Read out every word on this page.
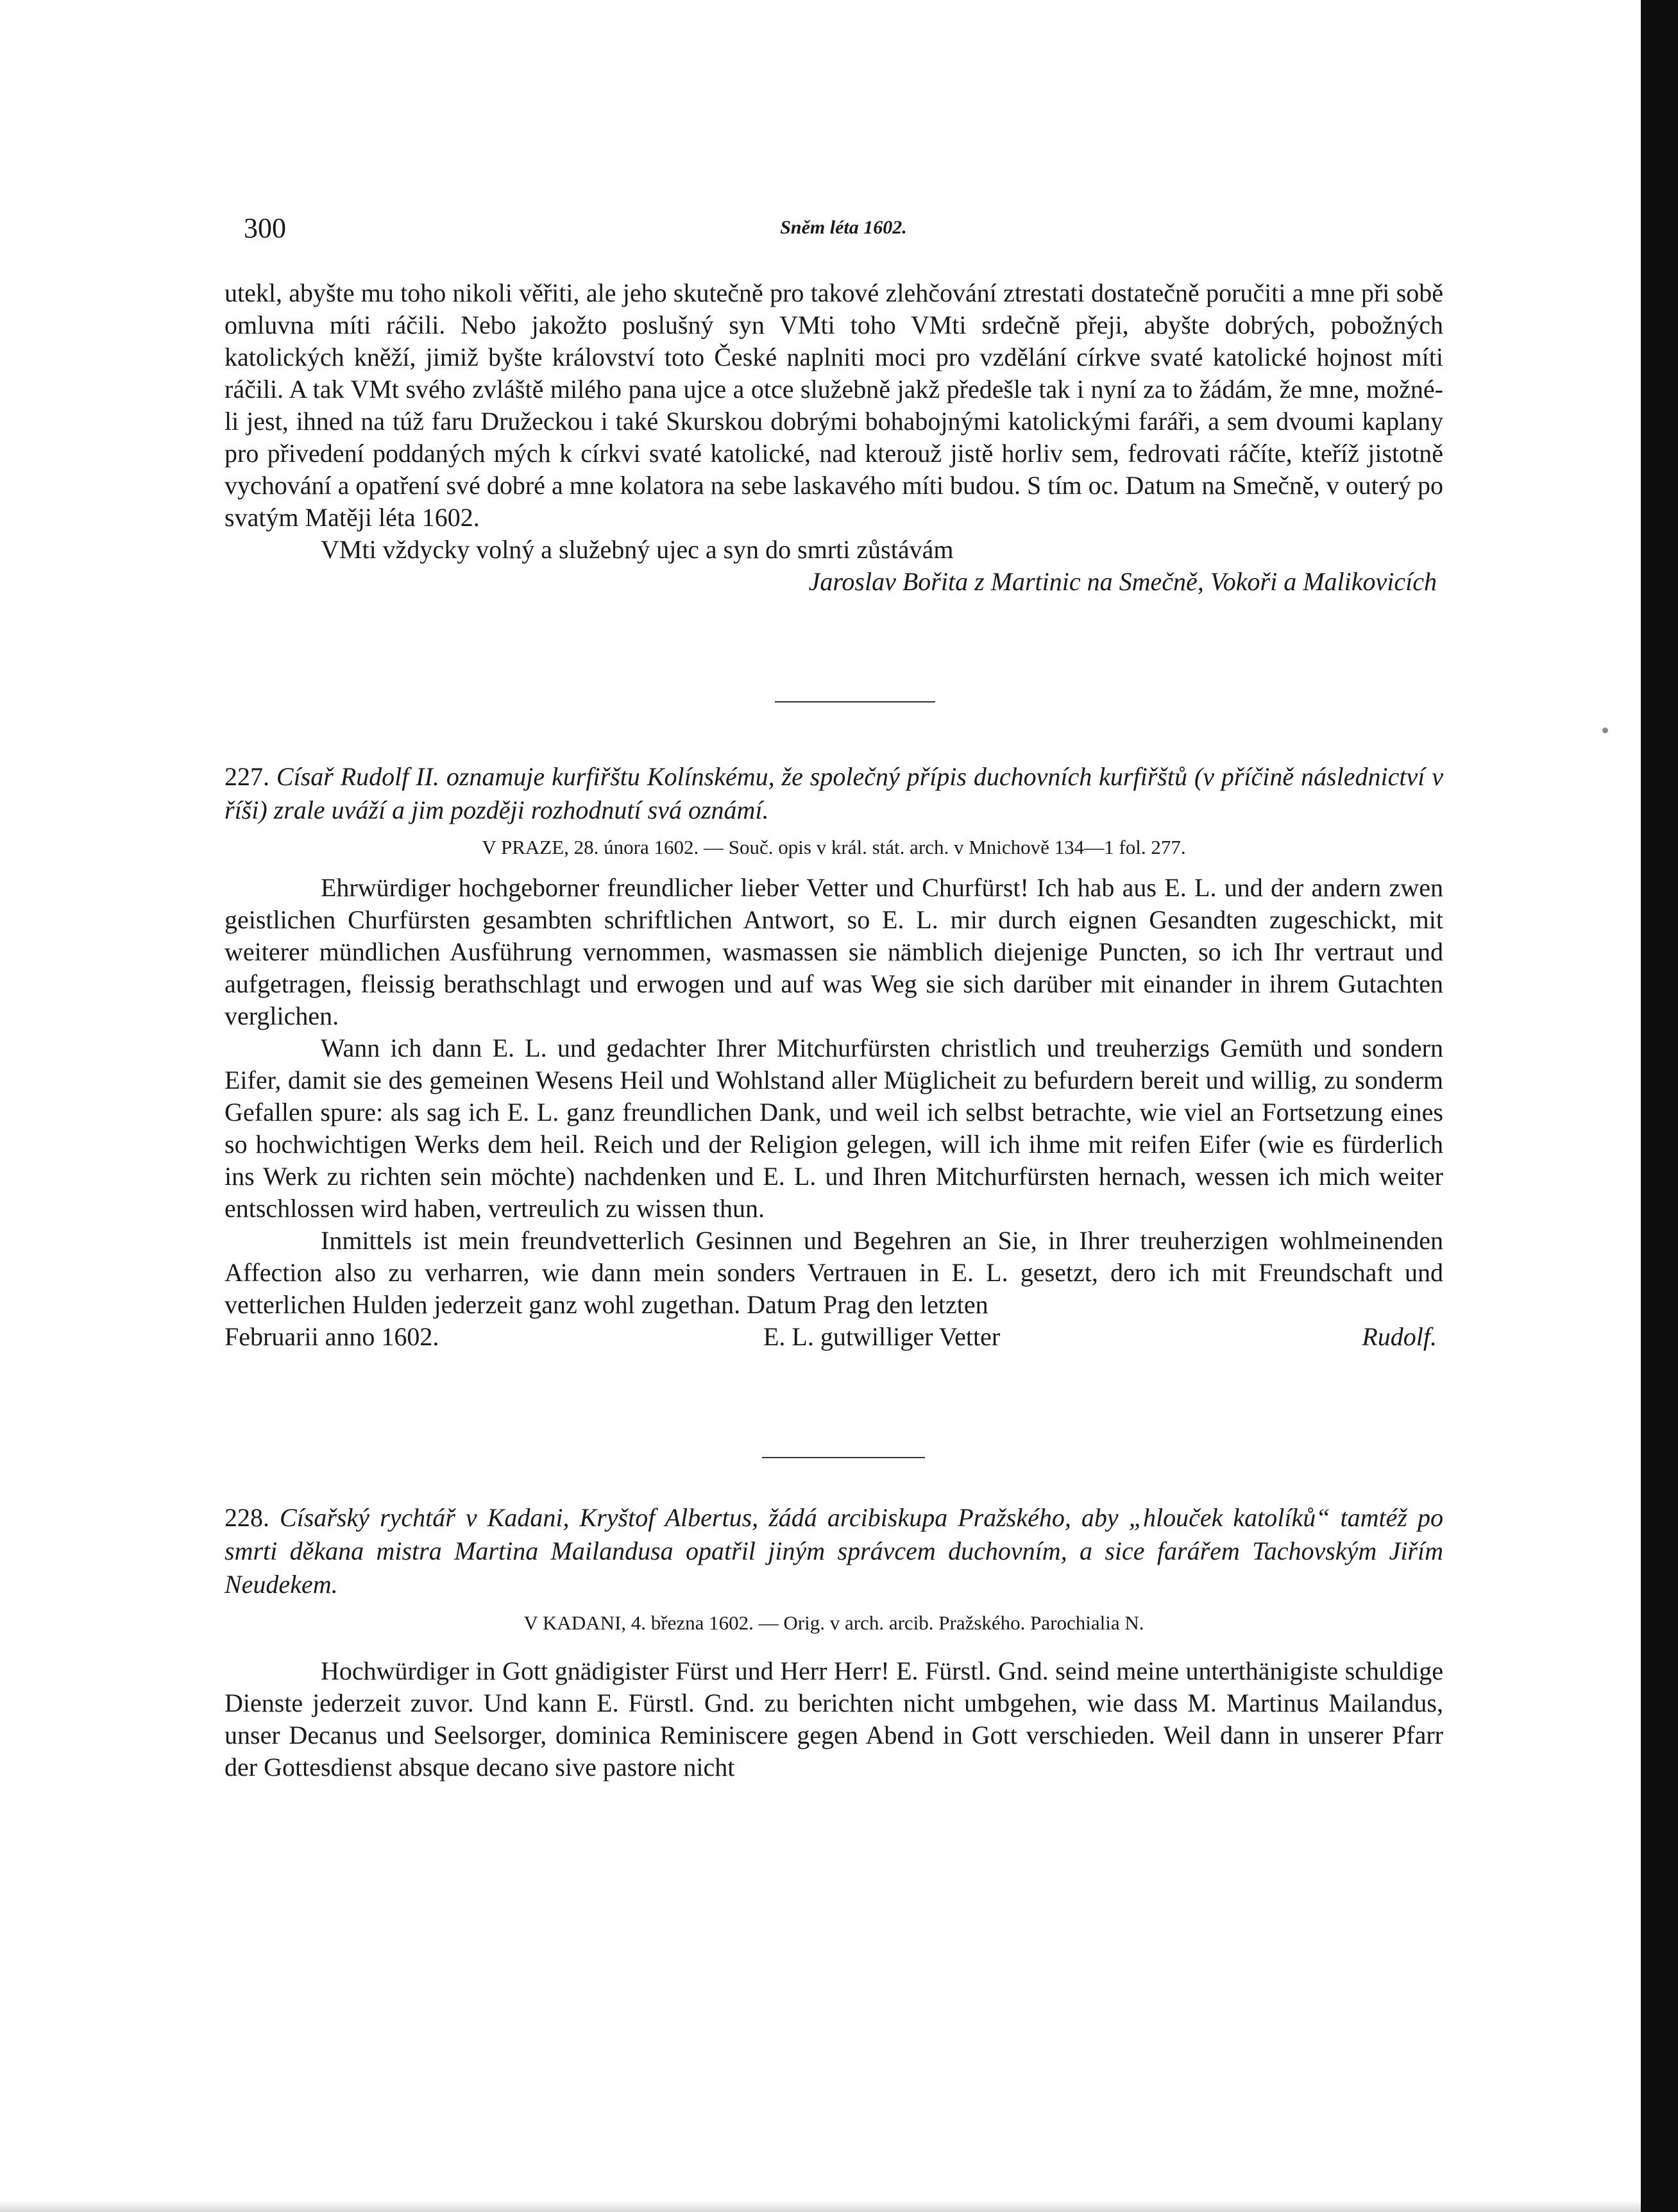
300	Sněm léta 1602.

utekl, abyšte mu toho nikoli věřiti, ale jeho skutečně pro takové zlehčování ztrestati dostatečně poručiti a mne při sobě omluvna míti ráčili. Nebo jakožto poslušný syn VMti toho VMti srdečně přeji, abyšte dobrých, pobožných katolických kněží, jimiž byšte království toto České naplniti moci pro vzdělání církve svaté katolické hojnost míti ráčili. A tak VMt svého zvláště milého pana ujce a otce služebně jakž předešle tak i nyní za to žádám, že mne, možné-li jest, ihned na túž faru Družeckou i také Skurskou dobrými bohabojnými katolickými faráři, a sem dvoumi kaplany pro přivedení poddaných mých k církvi svaté katolické, nad kterouž jistě horliv sem, fedrovati ráčíte, kteříž jistotně vychování a opatření své dobré a mne kolatora na sebe laskavého míti budou. S tím oc. Datum na Smečně, v outerý po svatým Matěji léta 1602.

VMti vždycky volný a služebný ujec a syn do smrti zůstávám

Jaroslav Bořita z Martinic na Smečně, Vokoři a Malikovicích

227. Císař Rudolf II. oznamuje kurfiřštu Kolínskému, že společný přípis duchovních kurfiřštů (v příčině následnictví v říši) zrale uváží a jim později rozhodnutí svá oznámí.

V PRAZE, 28. února 1602. — Souč. opis v král. stát. arch. v Mnichově 134—1 fol. 277.

Ehrwürdiger hochgeborner freundlicher lieber Vetter und Churfürst! Ich hab aus E. L. und der andern zwen geistlichen Churfürsten gesambten schriftlichen Antwort, so E. L. mir durch eignen Gesandten zugeschickt, mit weiterer mündlichen Ausführung vernommen, wasmassen sie nämblich diejenige Puncten, so ich Ihr vertraut und aufgetragen, fleissig berathschlagt und erwogen und auf was Weg sie sich darüber mit einander in ihrem Gutachten verglichen.

Wann ich dann E. L. und gedachter Ihrer Mitchurfürsten christlich und treuherzigs Gemüth und sondern Eifer, damit sie des gemeinen Wesens Heil und Wohlstand aller Müglicheit zu befurdern bereit und willig, zu sonderm Gefallen spure: als sag ich E. L. ganz freundlichen Dank, und weil ich selbst betrachte, wie viel an Fortsetzung eines so hochwichtigen Werks dem heil. Reich und der Religion gelegen, will ich ihme mit reifen Eifer (wie es fürderlich ins Werk zu richten sein möchte) nachdenken und E. L. und Ihren Mitchurfürsten hernach, wessen ich mich weiter entschlossen wird haben, vertreulich zu wissen thun.

Inmittels ist mein freundvetterlich Gesinnen und Begehren an Sie, in Ihrer treuherzigen wohlmeinenden Affection also zu verharren, wie dann mein sonders Vertrauen in E. L. gesetzt, dero ich mit Freundschaft und vetterlichen Hulden jederzeit ganz wohl zugethan. Datum Prag den letzten

Februarii anno 1602.	E. L. gutwilliger Vetter	Rudolf.

228. Císařský rychtář v Kadani, Kryštof Albertus, žádá arcibiskupa Pražského, aby „hlouček katolíků“ tamtéž po smrti děkana mistra Martina Mailandusa opatřil jiným správcem duchovním, a sice farářem Tachovským Jiřím Neudekem.

V KADANI, 4. března 1602. — Orig. v arch. arcib. Pražského. Parochialia N.

Hochwürdiger in Gott gnädigister Fürst und Herr Herr! E. Fürstl. Gnd. seind meine unterthänigiste schuldige Dienste jederzeit zuvor. Und kann E. Fürstl. Gnd. zu berichten nicht umbgehen, wie dass M. Martinus Mailandus, unser Decanus und Seelsorger, dominica Reminiscere gegen Abend in Gott verschieden. Weil dann in unserer Pfarr der Gottesdienst absque decano sive pastore nicht
